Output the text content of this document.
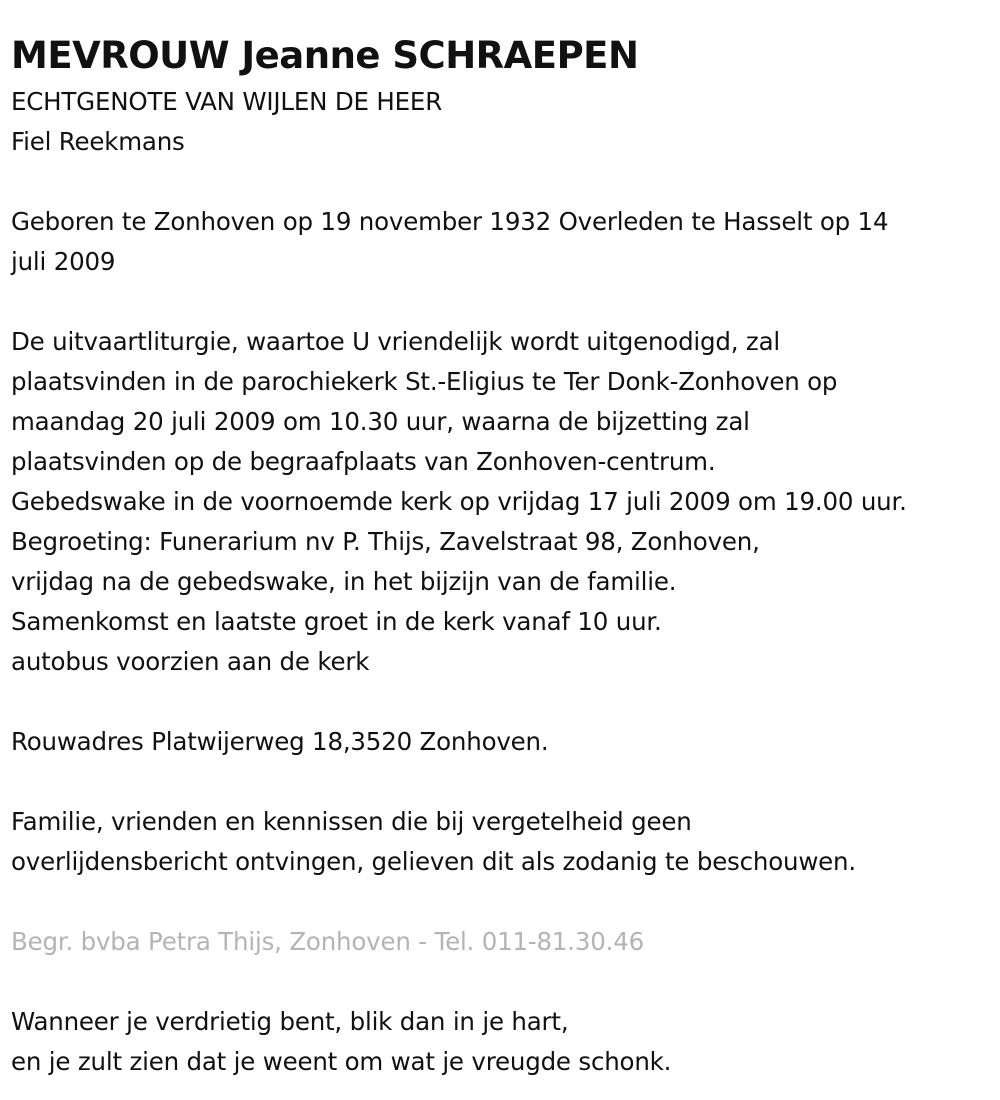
MEVROUW Jeanne SCHRAEPEN

ECHTGENOTE VAN WIJLEN DE HEER

Fiel Reekmans

Geboren te Zonhoven op 19 november 1932 Overleden te Hasselt op 14

juli 2009

De uitvaartliturgie, waartoe U vriendelijk wordt uitgenodigd, zal

plaatsvinden in de parochiekerk St.-Eligius te Ter Donk-Zonhoven op

maandag 20 juli 2009 om 10.30 uur, waarna de bijzetting zal

plaatsvinden op de begraafplaats van Zonhoven-centrum.

Gebedswake in de voornoemde kerk op vrijdag 17 juli 2009 om 19.00 uur.

Begroeting: Funerarium nv P. Thijs, Zavelstraat 98, Zonhoven,

vrijdag na de gebedswake, in het bijzijn van de familie.

Samenkomst en laatste groet in de kerk vanaf 10 uur.

autobus voorzien aan de kerk

Rouwadres Platwijerweg 18,3520 Zonhoven.

Familie, vrienden en kennissen die bij vergetelheid geen

overlijdensbericht ontvingen, gelieven dit als zodanig te beschouwen.

Begr. bvba Petra Thijs, Zonhoven - Tel. 011-81.30.46

Wanneer je verdrietig bent, blik dan in je hart,

en je zult zien dat je weent om wat je vreugde schonk.
